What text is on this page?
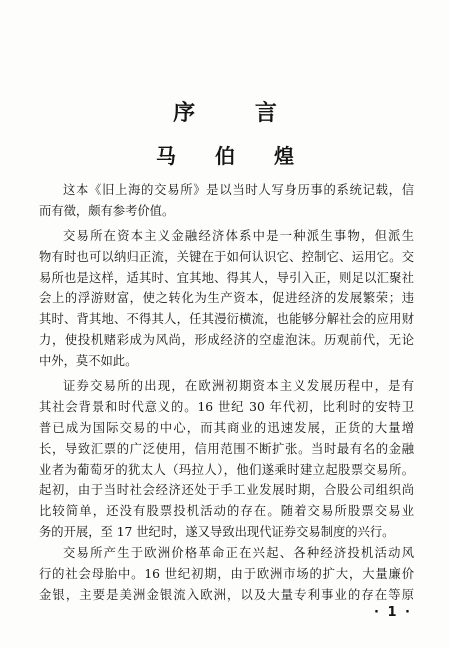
序 言
马 伯 煌
这本《旧上海的交易所》是以当时人写身历事的系统记载，信
而有徵，颇有参考价值。
交易所在资本主义金融经济体系中是一种派生事物，但派生
物有时也可以纳归正流，关键在于如何认识它、控制它、运用它。交
易所也是这样，适其时、宜其地、得其人，导引入正，则足以汇聚社
会上的浮游财富，使之转化为生产资本，促进经济的发展繁荣；违
其时、背其地、不得其人，任其漫衍横流，也能够分解社会的应用财
力，使投机赌彩成为风尚，形成经济的空虚泡沫。历观前代，无论
中外，莫不如此。
证券交易所的出现，在欧洲初期资本主义发展历程中，是有
其社会背景和时代意义的。16 世纪 30 年代初，比利时的安特卫
普已成为国际交易的中心，而其商业的迅速发展，正货的大量增
长，导致汇票的广泛使用，信用范围不断扩张。当时最有名的金融
业者为葡萄牙的犹太人（玛拉人），他们遂乘时建立起股票交易所。
起初，由于当时社会经济还处于手工业发展时期，合股公司组织尚
比较简单，还没有股票投机活动的存在。随着交易所股票交易业
务的开展，至 17 世纪时，遂又导致出现代证券交易制度的兴行。
交易所产生于欧洲价格革命正在兴起、各种经济投机活动风
行的社会母胎中。16 世纪初期，由于欧洲市场的扩大，大量廉价
金银，主要是美洲金银流入欧洲，以及大量专利事业的存在等原
· 1 ·
